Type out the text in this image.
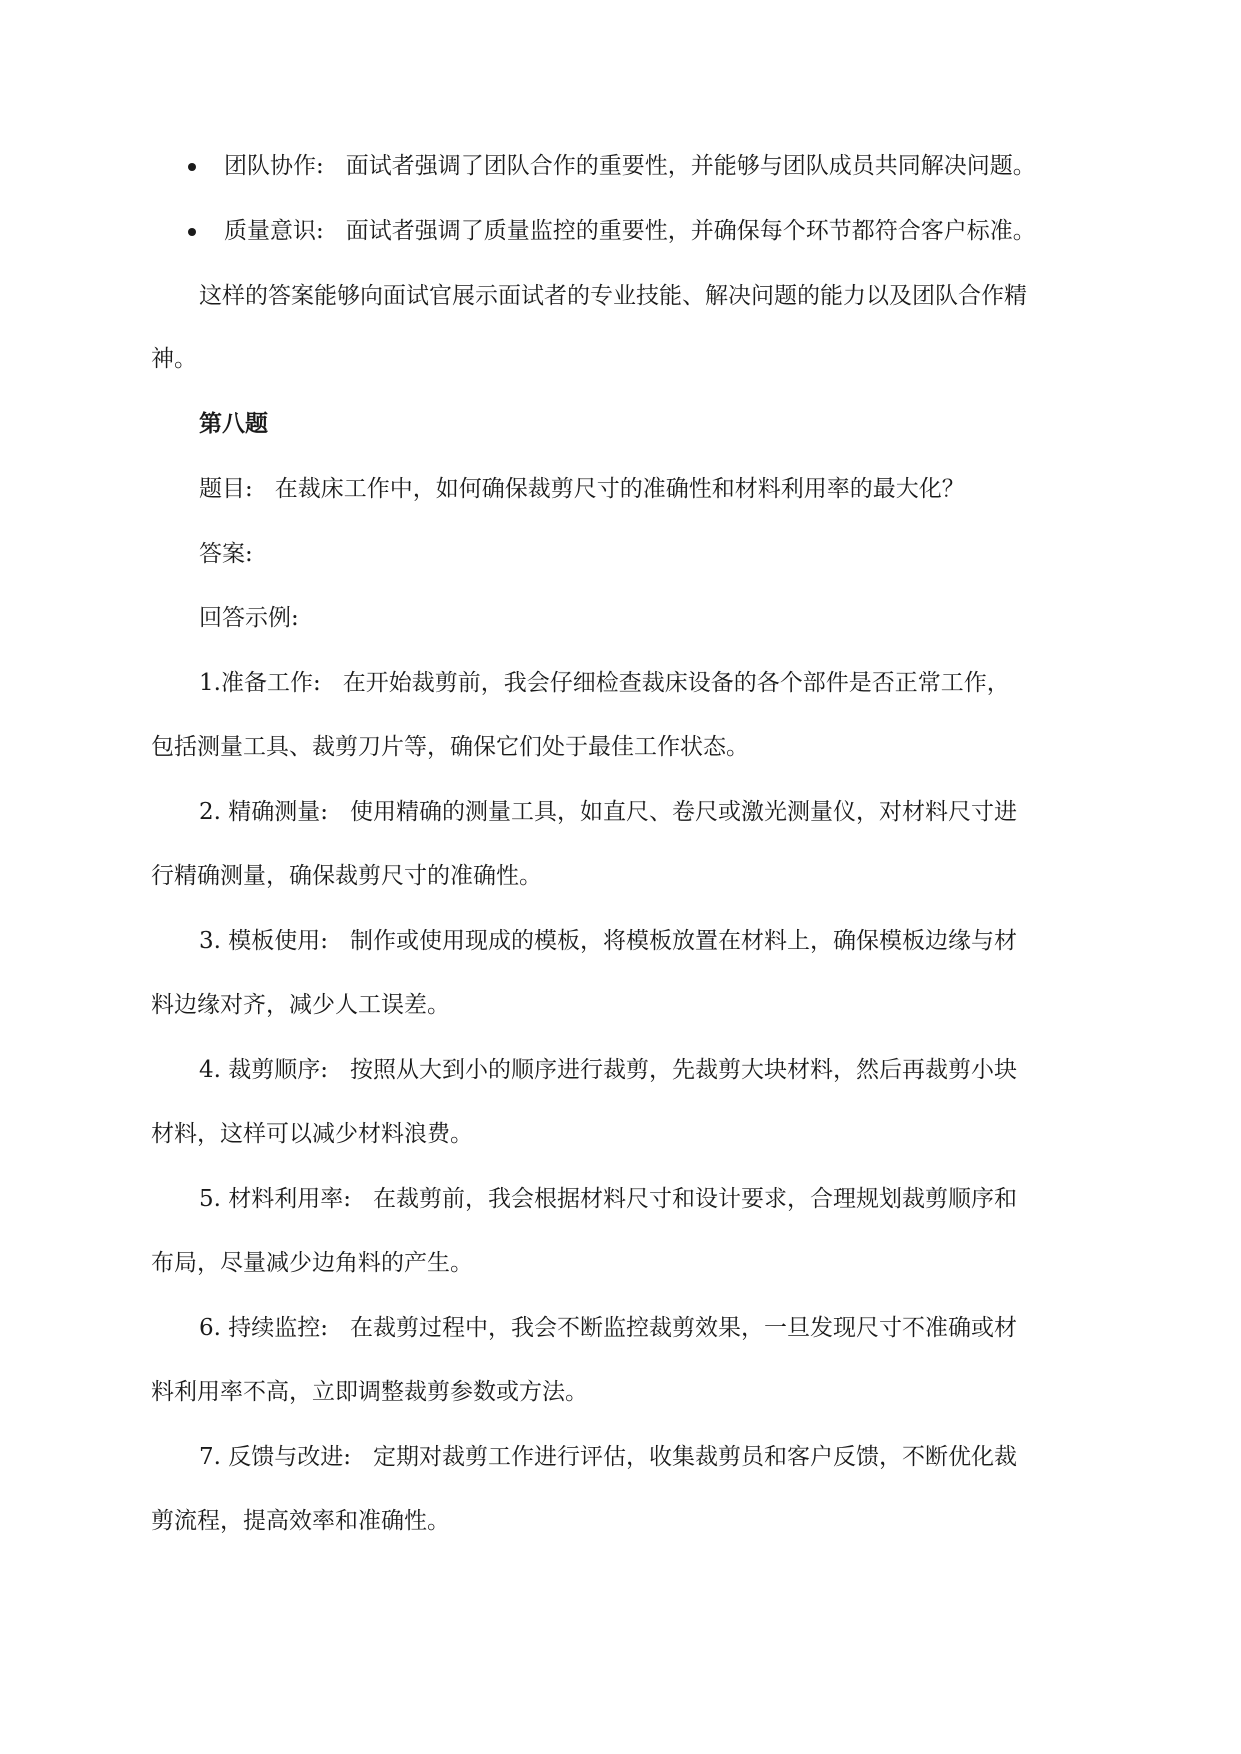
团队协作: 面试者强调了团队合作的重要性，并能够与团队成员共同解决问题。
质量意识: 面试者强调了质量监控的重要性，并确保每个环节都符合客户标准。
这样的答案能够向面试官展示面试者的专业技能、解决问题的能力以及团队合作精
神。
第八题
题目: 在裁床工作中，如何确保裁剪尺寸的准确性和材料利用率的最大化？
答案:
回答示例:
1.准备工作: 在开始裁剪前，我会仔细检查裁床设备的各个部件是否正常工作，
包括测量工具、裁剪刀片等，确保它们处于最佳工作状态。
2. 精确测量: 使用精确的测量工具，如直尺、卷尺或激光测量仪，对材料尺寸进
行精确测量，确保裁剪尺寸的准确性。
3. 模板使用: 制作或使用现成的模板，将模板放置在材料上，确保模板边缘与材
料边缘对齐，减少人工误差。
4. 裁剪顺序: 按照从大到小的顺序进行裁剪，先裁剪大块材料，然后再裁剪小块
材料，这样可以减少材料浪费。
5. 材料利用率: 在裁剪前，我会根据材料尺寸和设计要求，合理规划裁剪顺序和
布局，尽量减少边角料的产生。
6. 持续监控: 在裁剪过程中，我会不断监控裁剪效果，一旦发现尺寸不准确或材
料利用率不高，立即调整裁剪参数或方法。
7. 反馈与改进: 定期对裁剪工作进行评估，收集裁剪员和客户反馈，不断优化裁
剪流程，提高效率和准确性。
